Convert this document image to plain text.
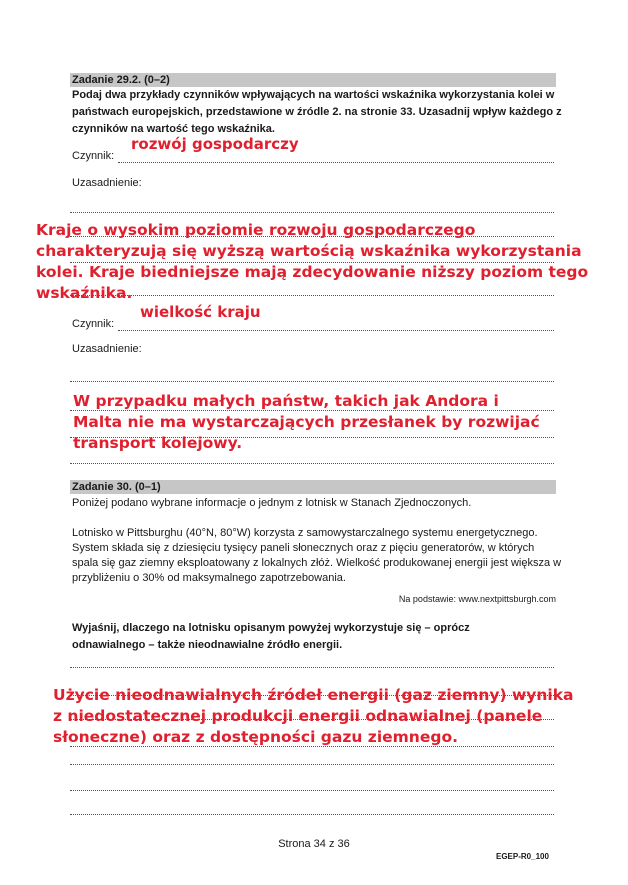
Zadanie 29.2. (0–2)
Podaj dwa przykłady czynników wpływających na wartości wskaźnika wykorzystania kolei w państwach europejskich, przedstawione w źródle 2. na stronie 33. Uzasadnij wpływ każdego z czynników na wartość tego wskaźnika.
Czynnik:
rozwój gospodarczy
Uzasadnienie:
Kraje o wysokim poziomie rozwoju gospodarczego charakteryzują się wyższą wartością wskaźnika wykorzystania kolei. Kraje biedniejsze mają zdecydowanie niższy poziom tego wskaźnika.
Czynnik:
wielkość kraju
Uzasadnienie:
W przypadku małych państw, takich jak Andora i Malta nie ma wystarczających przesłanek by rozwijać transport kolejowy.
Zadanie 30. (0–1)
Poniżej podano wybrane informacje o jednym z lotnisk w Stanach Zjednoczonych.
Lotnisko w Pittsburghu (40°N, 80°W) korzysta z samowystarczalnego systemu energetycznego. System składa się z dziesięciu tysięcy paneli słonecznych oraz z pięciu generatorów, w których spala się gaz ziemny eksploatowany z lokalnych złóż. Wielkość produkowanej energii jest większa w przybliżeniu o 30% od maksymalnego zapotrzebowania.
Na podstawie: www.nextpittsburgh.com
Wyjaśnij, dlaczego na lotnisku opisanym powyżej wykorzystuje się – oprócz odnawialnego – także nieodnawialne źródło energii.
Użycie nieodnawialnych źródeł energii (gaz ziemny) wynika z niedostatecznej produkcji energii odnawialnej (panele słoneczne) oraz z dostępności gazu ziemnego.
Strona 34 z 36
EGEP-R0_100
